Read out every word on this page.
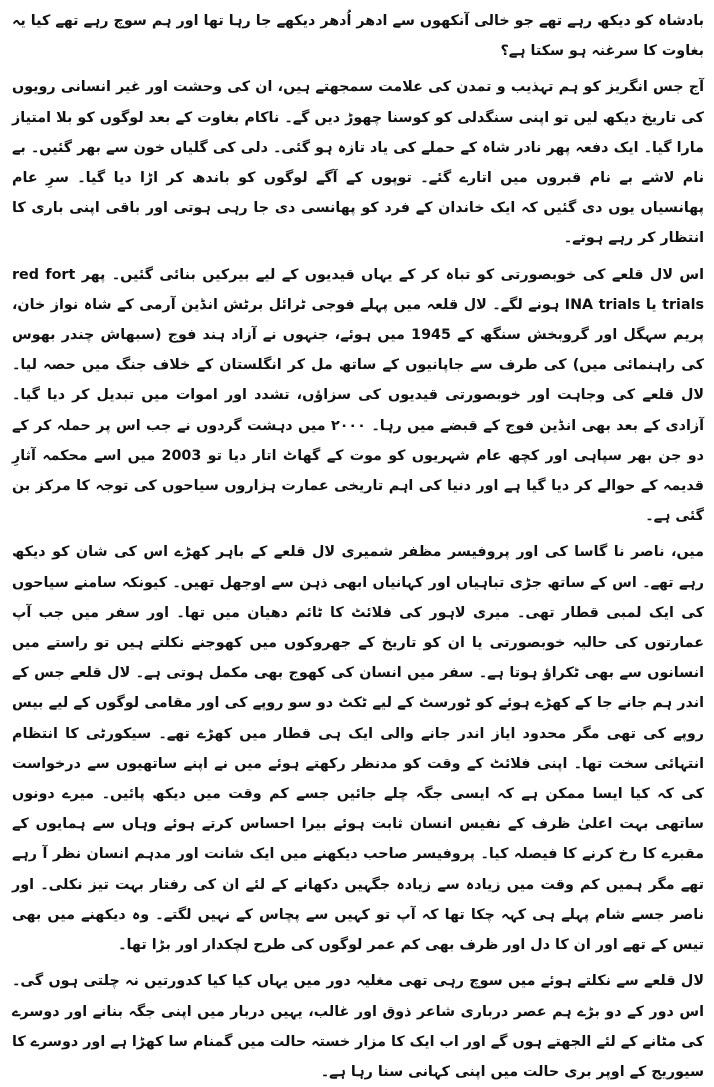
بادشاہ کو دیکھ رہے تھے جو خالی آنکھوں سے ادھر اُدھر دیکھے جا رہا تھا اور ہم سوچ رہے تھے کیا یہ بغاوت کا سرغنہ ہو سکتا ہے؟

آج جس انگریز کو ہم تہذیب و تمدن کی علامت سمجھتے ہیں، ان کی وحشت اور غیر انسانی رویوں کی تاریخ دیکھ لیں تو اپنی سنگدلی کو کوسنا چھوڑ دیں گے۔ ناکام بغاوت کے بعد لوگوں کو بلا امتیاز مارا گیا۔ ایک دفعہ پھر نادر شاہ کے حملے کی یاد تازہ ہو گئی۔ دلی کی گلیاں خون سے بھر گئیں۔ بے نام لاشے بے نام قبروں میں اتارے گئے۔ توپوں کے آگے لوگوں کو باندھ کر اڑا دیا گیا۔ سرِ عام پھانسیاں یوں دی گئیں کہ ایک خاندان کے فرد کو پھانسی دی جا رہی ہوتی اور باقی اپنی باری کا انتظار کر رہے ہوتے۔

اس لال قلعے کی خوبصورتی کو تباہ کر کے یہاں قیدیوں کے لیے بیرکیں بنائی گئیں۔ پھر red fort trials یا INA trials ہونے لگے۔ لال قلعہ میں پہلے فوجی ٹرائل برٹش انڈین آرمی کے شاہ نواز خان، پریم سہگل اور گروبخش سنگھ کے 1945 میں ہوئے، جنہوں نے آزاد ہند فوج (سبھاش چندر بھوس کی راہنمائی میں) کی طرف سے جاپانیوں کے ساتھ مل کر انگلستان کے خلاف جنگ میں حصہ لیا۔ لال قلعے کی وجاہت اور خوبصورتی قیدیوں کی سزاؤں، تشدد اور اموات میں تبدیل کر دیا گیا۔ آزادی کے بعد بھی انڈین فوج کے قبضے میں رہا۔ ۲۰۰۰ میں دہشت گردوں نے جب اس پر حملہ کر کے دو جن بھر سپاہی اور کچھ عام شہریوں کو موت کے گھاٹ اتار دیا تو 2003 میں اسے محکمہ آثارِ قدیمہ کے حوالے کر دیا گیا ہے اور دنیا کی اہم تاریخی عمارت ہزاروں سیاحوں کی توجہ کا مرکز بن گئی ہے۔

میں، ناصر نا گاسا کی اور پروفیسر مظفر شمیری لال قلعے کے باہر کھڑے اس کی شان کو دیکھ رہے تھے۔ اس کے ساتھ جڑی تباہیاں اور کہانیاں ابھی ذہن سے اوجھل تھیں۔ کیونکہ سامنے سیاحوں کی ایک لمبی قطار تھی۔ میری لاہور کی فلائٹ کا ٹائم دھیان میں تھا۔ اور سفر میں جب آپ عمارتوں کی حالیہ خوبصورتی یا ان کو تاریخ کے جھروکوں میں کھوجنے نکلتے ہیں تو راستے میں انسانوں سے بھی ٹکراؤ ہوتا ہے۔ سفر میں انسان کی کھوج بھی مکمل ہوتی ہے۔ لال قلعے جس کے اندر ہم جانے جا کے کھڑے ہوئے کو ٹورسٹ کے لیے ٹکٹ دو سو روپے کی اور مقامی لوگوں کے لیے بیس روپے کی تھی مگر محدود ایاز اندر جانے والی ایک ہی قطار میں کھڑے تھے۔ سیکورٹی کا انتظام انتہائی سخت تھا۔ اپنی فلائٹ کے وقت کو مدنظر رکھتے ہوئے میں نے اپنے ساتھیوں سے درخواست کی کہ کیا ایسا ممکن ہے کہ ایسی جگہ چلے جائیں جسے کم وقت میں دیکھ پائیں۔ میرے دونوں ساتھی بہت اعلیٰ ظرف کے نفیس انسان ثابت ہوئے بیرا احساس کرتے ہوئے وہاں سے ہمایوں کے مقبرے کا رخ کرنے کا فیصلہ کیا۔ پروفیسر صاحب دیکھنے میں ایک شانت اور مدہم انسان نظر آ رہے تھے مگر ہمیں کم وقت میں زیادہ سے زیادہ جگہیں دکھانے کے لئے ان کی رفتار بہت تیز نکلی۔ اور ناصر جسے شام پہلے ہی کہہ چکا تھا کہ آپ تو کہیں سے پچاس کے نہیں لگتے۔ وہ دیکھنے میں بھی تیس کے تھے اور ان کا دل اور ظرف بھی کم عمر لوگوں کی طرح لچکدار اور بڑا تھا۔

لال قلعے سے نکلتے ہوئے میں سوچ رہی تھی مغلیہ دور میں یہاں کیا کیا کدورتیں نہ چلتی ہوں گی۔ اس دور کے دو بڑے ہم عصر درباری شاعر ذوق اور غالب، یہیں دربار میں اپنی جگہ بنانے اور دوسرے کی مٹانے کے لئے الجھتے ہوں گے اور اب ایک کا مزار خستہ حالت میں گمنام سا کھڑا ہے اور دوسرے کا سیوریج کے اوپر بری حالت میں اپنی کہانی سنا رہا ہے۔
